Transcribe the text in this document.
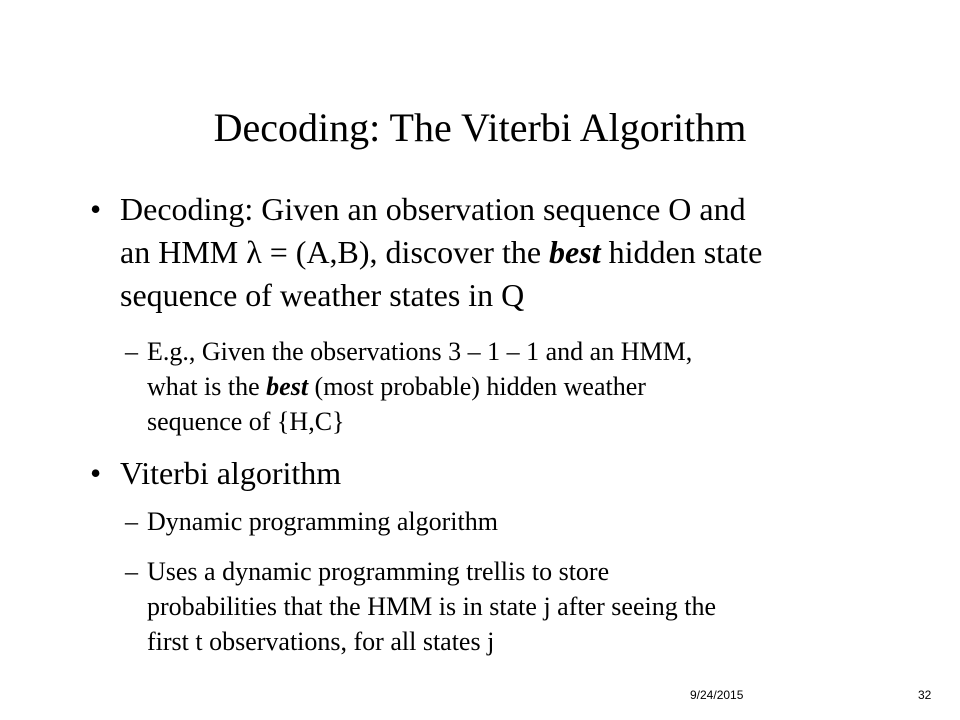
Decoding: The Viterbi Algorithm
• Decoding: Given an observation sequence O and
an HMM λ = (A,B), discover the best hidden state
sequence of weather states in Q
– E.g., Given the observations 3 – 1 – 1 and an HMM,
what is the best (most probable) hidden weather
sequence of {H,C}
• Viterbi algorithm
– Dynamic programming algorithm
– Uses a dynamic programming trellis to store
probabilities that the HMM is in state j after seeing the
first t observations, for all states j
9/24/2015	32
